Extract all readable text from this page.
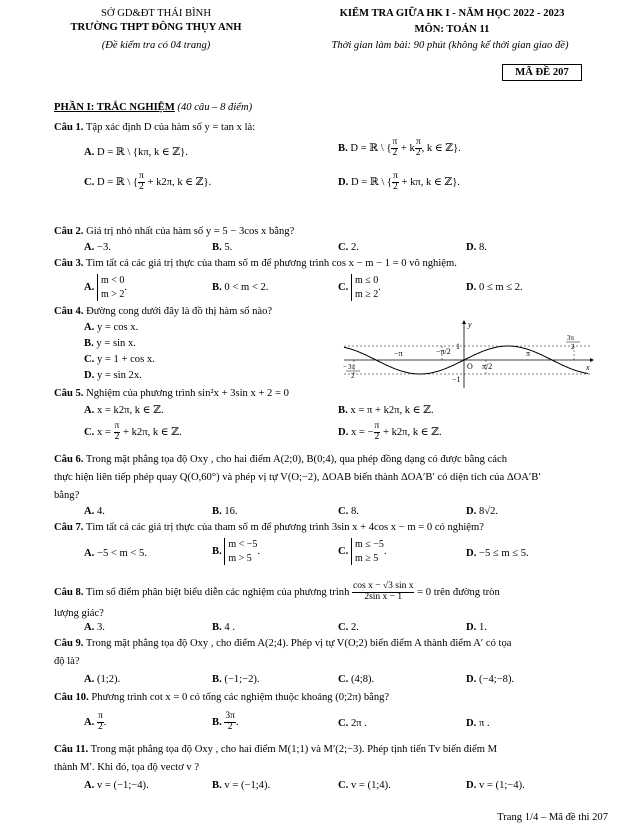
SỞ GD&ĐT THÁI BÌNH
TRƯỜNG THPT ĐÔNG THỤY ANH
(Đề kiểm tra có 04 trang)
KIỂM TRA GIỮA HK I - NĂM HỌC 2022 - 2023
MÔN: TOÁN 11
Thời gian làm bài: 90 phút (không kể thời gian giao đề)
MÃ ĐỀ 207
PHẦN I: TRẮC NGHIỆM (40 câu – 8 điểm)
Câu 1. Tập xác định D của hàm số y = tan x là:
A. D = ℝ \ {kπ, k ∈ ℤ}.	B. D = ℝ \ { $\frac{\pi}{2} + k \frac{\pi}{2}$ , k ∈ ℤ}.
C. D = ℝ \ { $\frac{\pi}{2} + k2\pi$, k ∈ ℤ}.	D. D = ℝ \ { $\frac{\pi}{2} + k\pi$, k ∈ ℤ}.
Câu 2. Giá trị nhỏ nhất của hàm số y = 5 − 3cos x bằng?
A. −3.	B. 5.	C. 2.	D. 8.
Câu 3. Tìm tất cả các giá trị thực của tham số m để phương trình cos x − m − 1 = 0 vô nghiệm.
A.
m < 0
m > 2
.	B. 0 < m < 2.	C.
m ≤ 0
m ≥ 2
.	D. 0 ≤ m ≤ 2.
Câu 4. Đường cong dưới đây là đồ thị hàm số nào?
A. y = cos x.
B. y = sin x.
C. y = 1 + cos x.
D. y = sin 2x.
−π	−π/2
π/2
π
O
1
−1
x
y
− 3π
2
3π
2
Câu 5. Nghiệm của phương trình sin²x + 3sin x + 2 = 0
A. x = k2π, k ∈ ℤ.	B. x = π + k2π, k ∈ ℤ.
C. $x = \frac{\pi}{2} + k2\pi$, k ∈ ℤ.	D. x = − $\frac{\pi}{2} + k2\pi$, k ∈ ℤ.
Câu 6. Trong mặt phẳng tọa độ Oxy , cho hai điểm A(2;0), B(0;4), qua phép đồng dạng có được bằng cách
thực hiện liên tiếp phép quay Q(O,60°) và phép vị tự V(O;−2), ΔOAB biến thành ΔOA′B′ có diện tích của ΔOA′B′
bằng?
A. 4.	B. 16.	C. 8.	D. 8√2.
Câu 7. Tìm tất cả các giá trị thực của tham số m để phương trình 3sin x + 4cos x − m = 0 có nghiệm?
A. −5 < m < 5.	B.
m < −5
m > 5
.	C.
m ≤ −5
m ≥ 5
.	D. −5 ≤ m ≤ 5.
Câu 8. Tìm số điểm phân biệt biểu diễn các nghiệm của phương trình $\frac{\text{cos x − √3 sin x}}{\text{2sin x − 1}} = 0$ trên đường tròn
lượng giác?
A. 3.	B. 4 .	C. 2.	D. 1.
Câu 9. Trong mặt phẳng tọa độ Oxy , cho điểm A(2;4). Phép vị tự V(O;2) biến điểm A thành điểm A′ có tọa
độ là?
A. (1;2).	B. (−1;−2).	C. (4;8).	D. (−4;−8).
Câu 10. Phương trình cot x = 0 có tổng các nghiệm thuộc khoảng (0;2π) bằng?
A. $\frac{\pi}{2}$ .	B. $\frac{3\pi}{2}$ .	C. 2π .	D. π .
Câu 11. Trong mặt phẳng tọa độ Oxy , cho hai điểm M(1;1) và M′(2;−3). Phép tịnh tiến Tv biến điểm M
thành M′. Khi đó, tọa độ vectơ v ?
A. v = (−1;−4).	B. v = (−1;4).	C. v = (1;4).	D. v = (1;−4).
Trang 1/4 – Mã đề thi 207
